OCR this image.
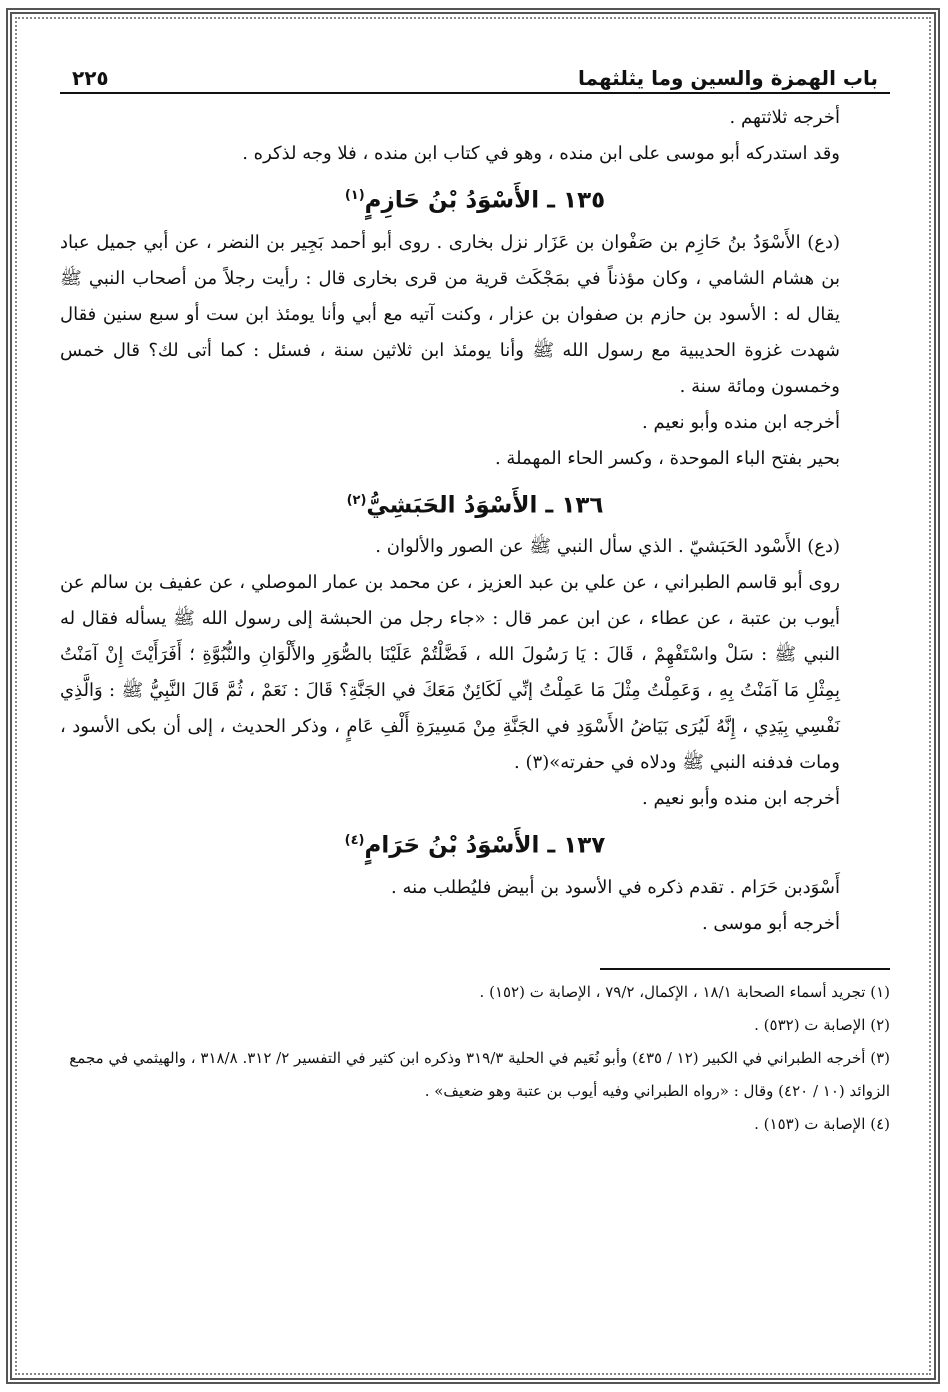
باب الهمزة والسين وما يثلثهما
٢٢٥

أخرجه ثلاثتهم .

وقد استدركه أبو موسى على ابن منده ، وهو في كتاب ابن منده ، فلا وجه لذكره .

١٣٥ ـ الأَسْوَدُ بْنُ حَازِمٍ$^{(١)}$

(دع) الأَسْوَدُ بنُ حَازِم بن صَفْوان بن عَزَار نزل بخارى . روى أبو أحمد بَجِير بن النضر ، عن أبي جميل عباد بن هشام الشامي ، وكان مؤذناً في بمَجْكَث قرية من قرى بخارى قال : رأيت رجلاً من أصحاب النبي ﷺ يقال له : الأسود بن حازم بن صفوان بن عزار ، وكنت آتيه مع أبي وأنا يومئذ ابن ست أو سبع سنين فقال شهدت غزوة الحديبية مع رسول الله ﷺ وأنا يومئذ ابن ثلاثين سنة ، فسئل : كما أتى لك؟ قال خمس وخمسون ومائة سنة .

أخرجه ابن منده وأبو نعيم .

بحير بفتح الباء الموحدة ، وكسر الحاء المهملة .

١٣٦ ـ الأَسْوَدُ الحَبَشِيُّ$^{(٢)}$

(دع) الأَسْود الحَبَشيّ . الذي سأل النبي ﷺ عن الصور والألوان .

روى أبو قاسم الطبراني ، عن علي بن عبد العزيز ، عن محمد بن عمار الموصلي ، عن عفيف بن سالم عن أيوب بن عتبة ، عن عطاء ، عن ابن عمر قال : «جاء رجل من الحبشة إلى رسول الله ﷺ يسأله فقال له النبي ﷺ : سَلْ واسْتَفْهِمْ ، قَالَ : يَا رَسُولَ الله ، فَضَّلْتُمْ عَلَيْنَا بالصُّوَرِ والأَلْوَانِ والنُّبُوَّةِ ؛ أَفَرَأَيْتَ إِنْ آمَنْتُ بِمِثْلِ مَا آمَنْتُ بِهِ ، وَعَمِلْتُ مِثْلَ مَا عَمِلْتُ إنِّي لَكَائِنٌ مَعَكَ في الجَنَّةِ؟ قَالَ : نَعَمْ ، ثُمَّ قَالَ النَّبِيُّ ﷺ : وَالَّذِي نَفْسِي بِيَدِي ، إِنَّهُ لَيُرَى بَيَاضُ الأَسْوَدِ في الجَنَّةِ مِنْ مَسِيرَةِ أَلْفِ عَامٍ ، وذكر الحديث ، إلى أن بكى الأسود ، ومات فدفنه النبي ﷺ ودلاه في حفرته»(٣) .

أخرجه ابن منده وأبو نعيم .

١٣٧ ـ الأَسْوَدُ بْنُ حَرَامٍ$^{(٤)}$

أَسْوَدبن حَرَام . تقدم ذكره في الأسود بن أبيض فليُطلب منه .

أخرجه أبو موسى .

(١) تجريد أسماء الصحابة ١٨/١ ، الإكمال، ٧٩/٢ ، الإصابة ت (١٥٢) .
(٢) الإصابة ت (٥٣٢) .
(٣) أخرجه الطبراني في الكبير (١٢ / ٤٣٥) وأبو نُعَيم في الحلية ٣١٩/٣ وذكره ابن كثير في التفسير ٢/ ٣١٢. ٣١٨/٨ ، والهيثمي في مجمع الزوائد (١٠ / ٤٢٠) وقال : «رواه الطبراني وفيه أيوب بن عتبة وهو ضعيف» .
(٤) الإصابة ت (١٥٣) .
